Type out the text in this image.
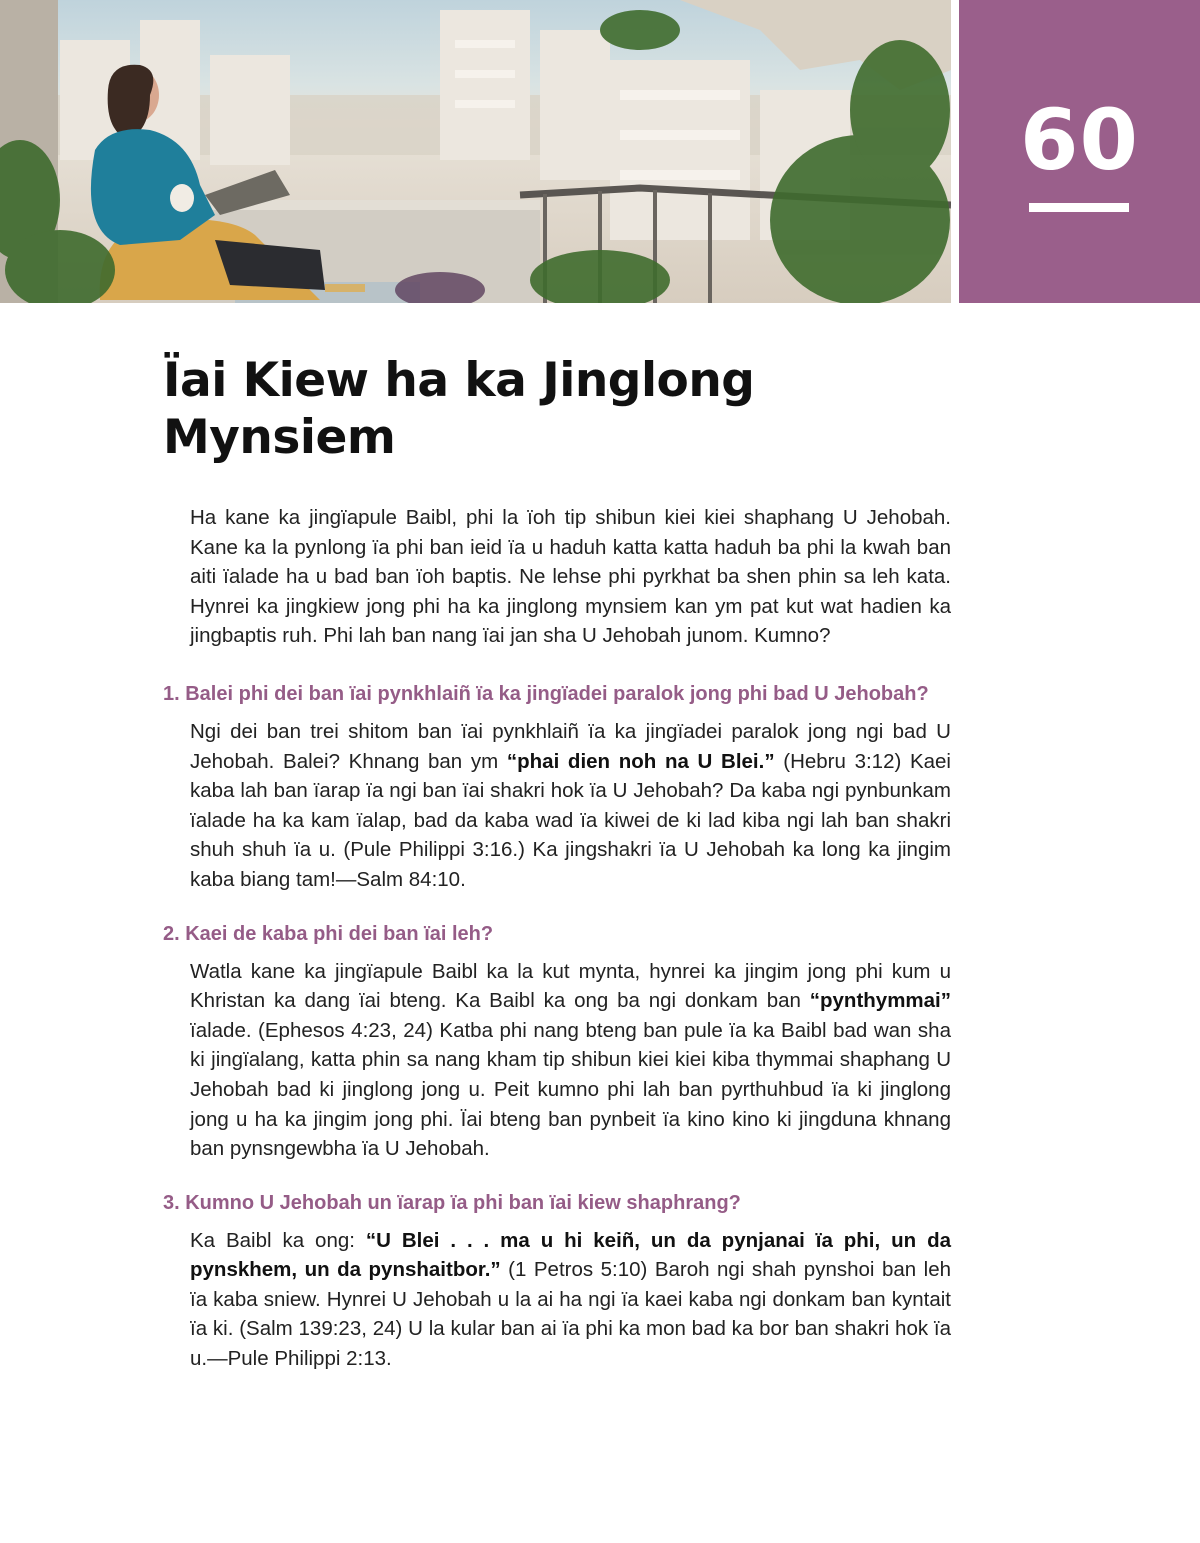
60
Ïai Kiew ha ka Jinglong Mynsiem

Ha kane ka jingïapule Baibl, phi la ïoh tip shibun kiei kiei shaphang U Jehobah. Kane ka la pynlong ïa phi ban ieid ïa u haduh katta katta haduh ba phi la kwah ban aiti ïalade ha u bad ban ïoh baptis. Ne lehse phi pyrkhat ba shen phin sa leh kata. Hynrei ka jingkiew jong phi ha ka jinglong mynsiem kan ym pat kut wat hadien ka jingbaptis ruh. Phi lah ban nang ïai jan sha U Jehobah junom. Kumno?

1. Balei phi dei ban ïai pynkhlaiñ ïa ka jingïadei paralok jong phi bad U Jehobah?

Ngi dei ban trei shitom ban ïai pynkhlaiñ ïa ka jingïadei paralok jong ngi bad U Jehobah. Balei? Khnang ban ym “phai dien noh na U Blei.” (Hebru 3:12) Kaei kaba lah ban ïarap ïa ngi ban ïai shakri hok ïa U Jehobah? Da kaba ngi pynbunkam ïalade ha ka kam ïalap, bad da kaba wad ïa kiwei de ki lad kiba ngi lah ban shakri shuh shuh ïa u. (Pule Philippi 3:16.) Ka jingshakri ïa U Jehobah ka long ka jingim kaba biang tam!—Salm 84:10.

2. Kaei de kaba phi dei ban ïai leh?

Watla kane ka jingïapule Baibl ka la kut mynta, hynrei ka jingim jong phi kum u Khristan ka dang ïai bteng. Ka Baibl ka ong ba ngi donkam ban “pynthymmai” ïalade. (Ephesos 4:23, 24) Katba phi nang bteng ban pule ïa ka Baibl bad wan sha ki jingïalang, katta phin sa nang kham tip shibun kiei kiei kiba thymmai shaphang U Jehobah bad ki jinglong jong u. Peit kumno phi lah ban pyrthuhbud ïa ki jinglong jong u ha ka jingim jong phi. Ïai bteng ban pynbeit ïa kino kino ki jingduna khnang ban pynsngewbha ïa U Jehobah.

3. Kumno U Jehobah un ïarap ïa phi ban ïai kiew shaphrang?

Ka Baibl ka ong: “U Blei . . . ma u hi keiñ, un da pynjanai ïa phi, un da pynskhem, un da pynshaitbor.” (1 Petros 5:10) Baroh ngi shah pynshoi ban leh ïa kaba sniew. Hynrei U Jehobah u la ai ha ngi ïa kaei kaba ngi donkam ban kyntait ïa ki. (Salm 139:23, 24) U la kular ban ai ïa phi ka mon bad ka bor ban shakri hok ïa u.—Pule Philippi 2:13.
